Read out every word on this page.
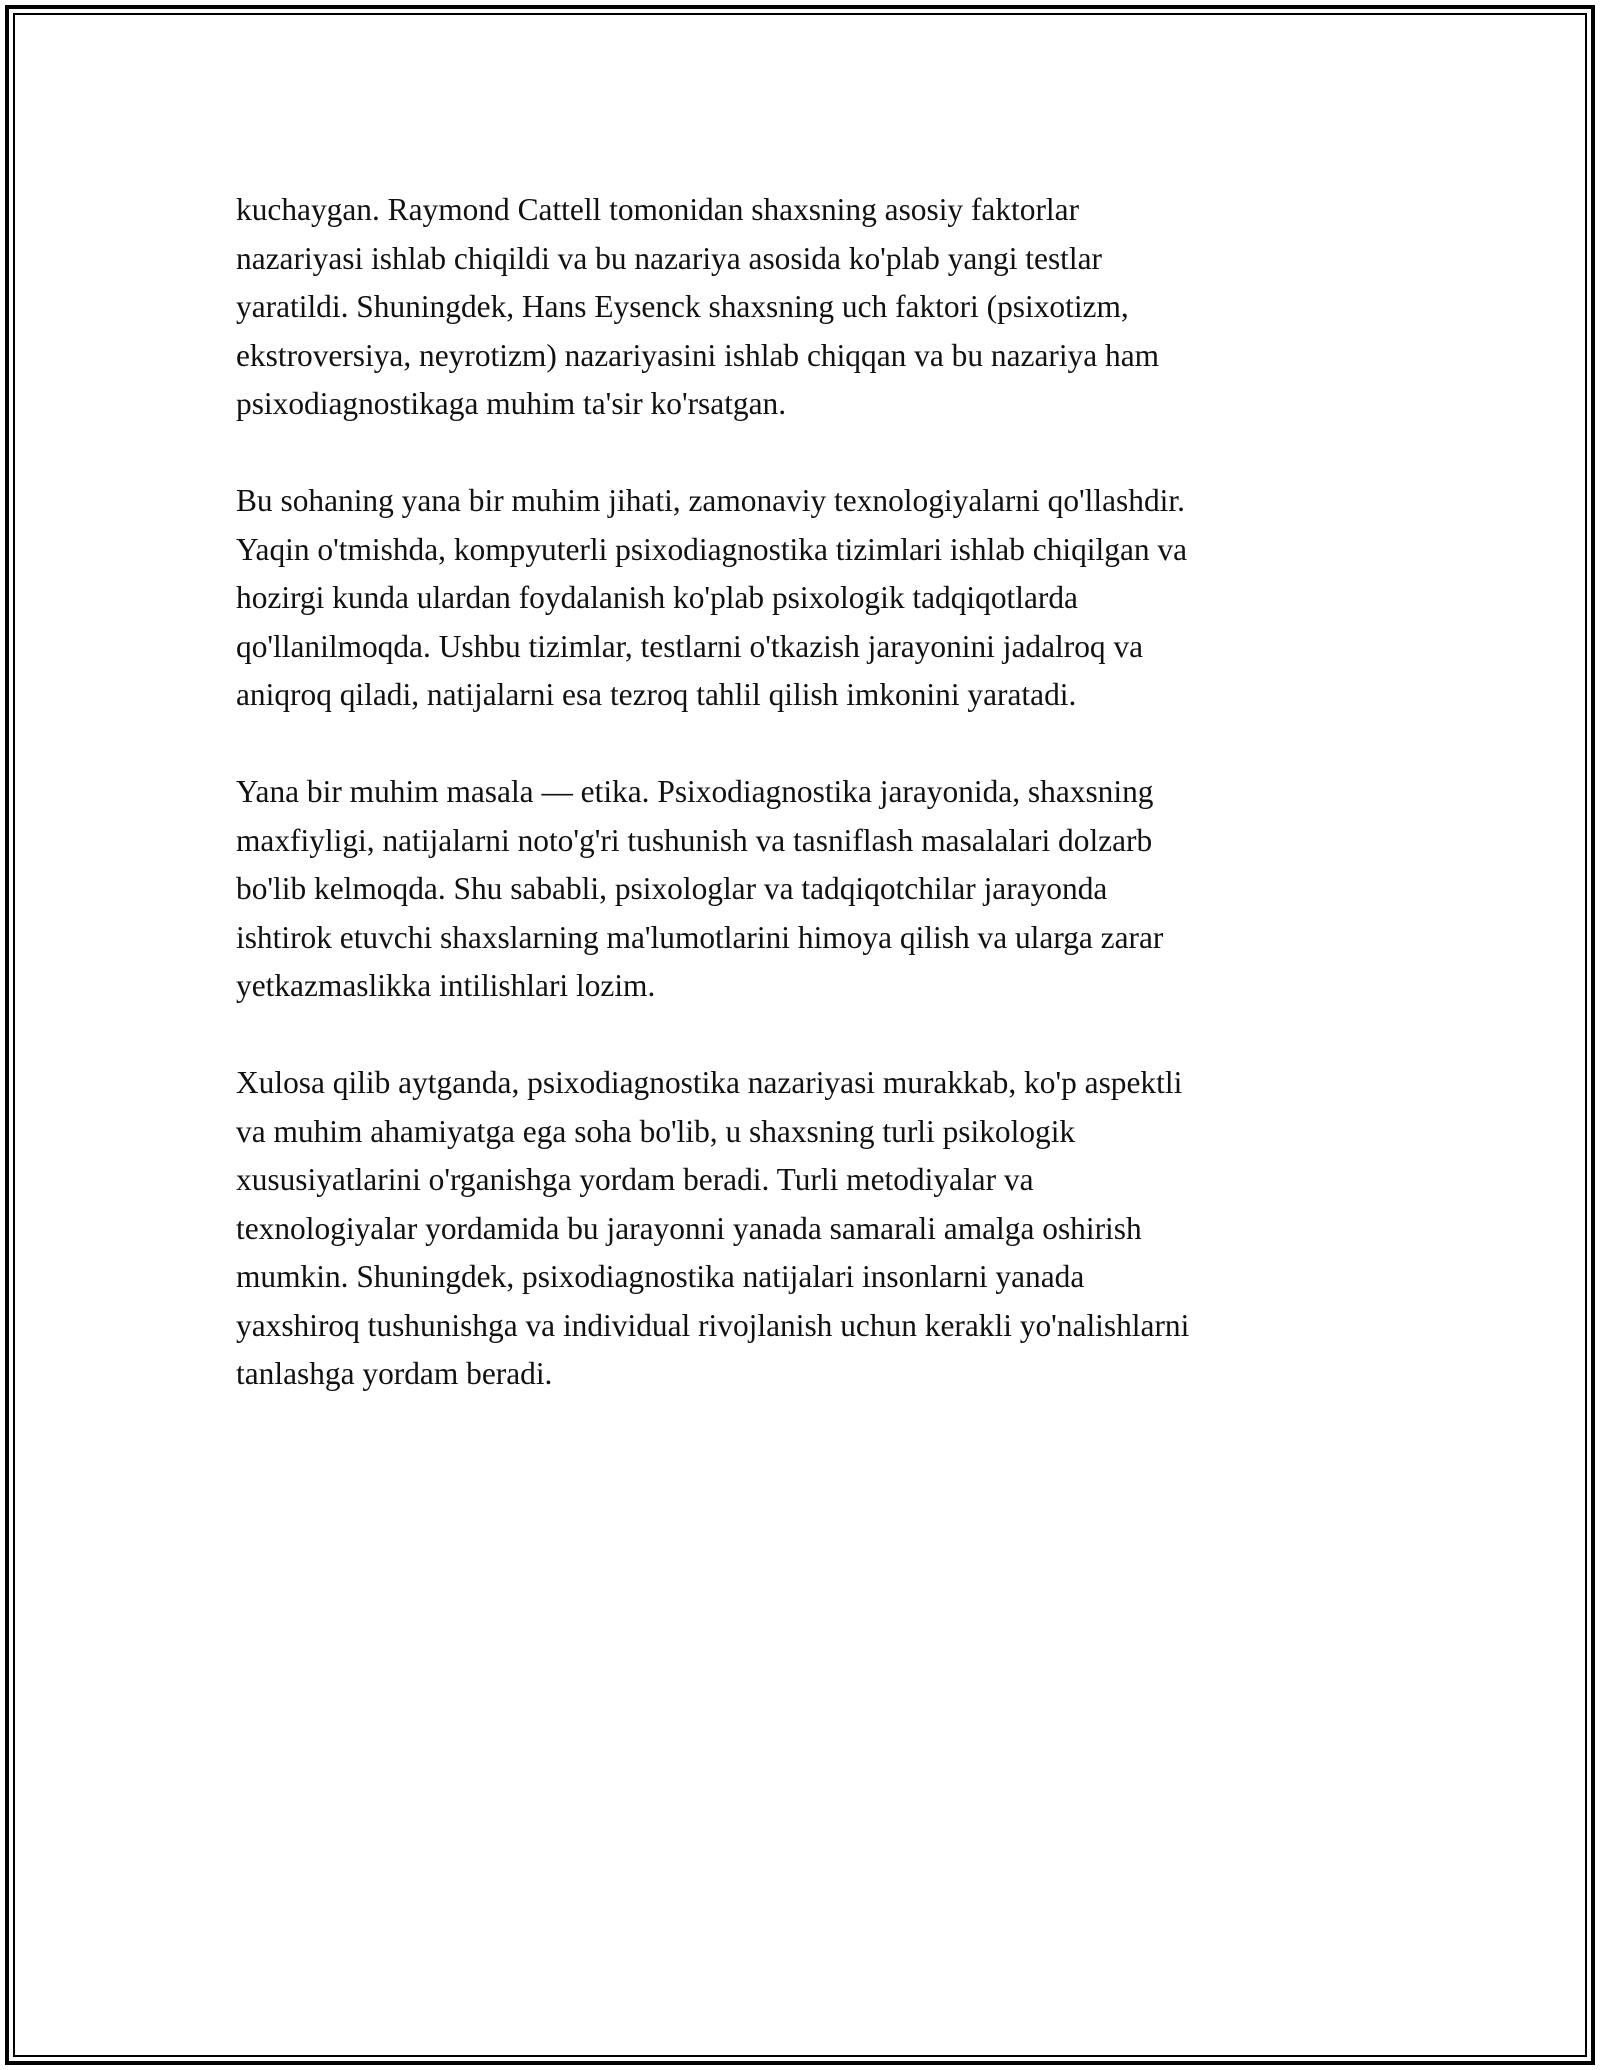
kuchaygan. Raymond Cattell tomonidan shaxsning asosiy faktorlar
nazariyasi ishlab chiqildi va bu nazariya asosida ko'plab yangi testlar
yaratildi. Shuningdek, Hans Eysenck shaxsning uch faktori (psixotizm,
ekstroversiya, neyrotizm) nazariyasini ishlab chiqqan va bu nazariya ham
psixodiagnostikaga muhim ta'sir ko'rsatgan.

Bu sohaning yana bir muhim jihati, zamonaviy texnologiyalarni qo'llashdir.
Yaqin o'tmishda, kompyuterli psixodiagnostika tizimlari ishlab chiqilgan va
hozirgi kunda ulardan foydalanish ko'plab psixologik tadqiqotlarda
qo'llanilmoqda. Ushbu tizimlar, testlarni o'tkazish jarayonini jadalroq va
aniqroq qiladi, natijalarni esa tezroq tahlil qilish imkonini yaratadi.

Yana bir muhim masala — etika. Psixodiagnostika jarayonida, shaxsning
maxfiyligi, natijalarni noto'g'ri tushunish va tasniflash masalalari dolzarb
bo'lib kelmoqda. Shu sababli, psixologlar va tadqiqotchilar jarayonda
ishtirok etuvchi shaxslarning ma'lumotlarini himoya qilish va ularga zarar
yetkazmaslikka intilishlari lozim.

Xulosa qilib aytganda, psixodiagnostika nazariyasi murakkab, ko'p aspektli
va muhim ahamiyatga ega soha bo'lib, u shaxsning turli psikologik
xususiyatlarini o'rganishga yordam beradi. Turli metodiyalar va
texnologiyalar yordamida bu jarayonni yanada samarali amalga oshirish
mumkin. Shuningdek, psixodiagnostika natijalari insonlarni yanada
yaxshiroq tushunishga va individual rivojlanish uchun kerakli yo'nalishlarni
tanlashga yordam beradi.
